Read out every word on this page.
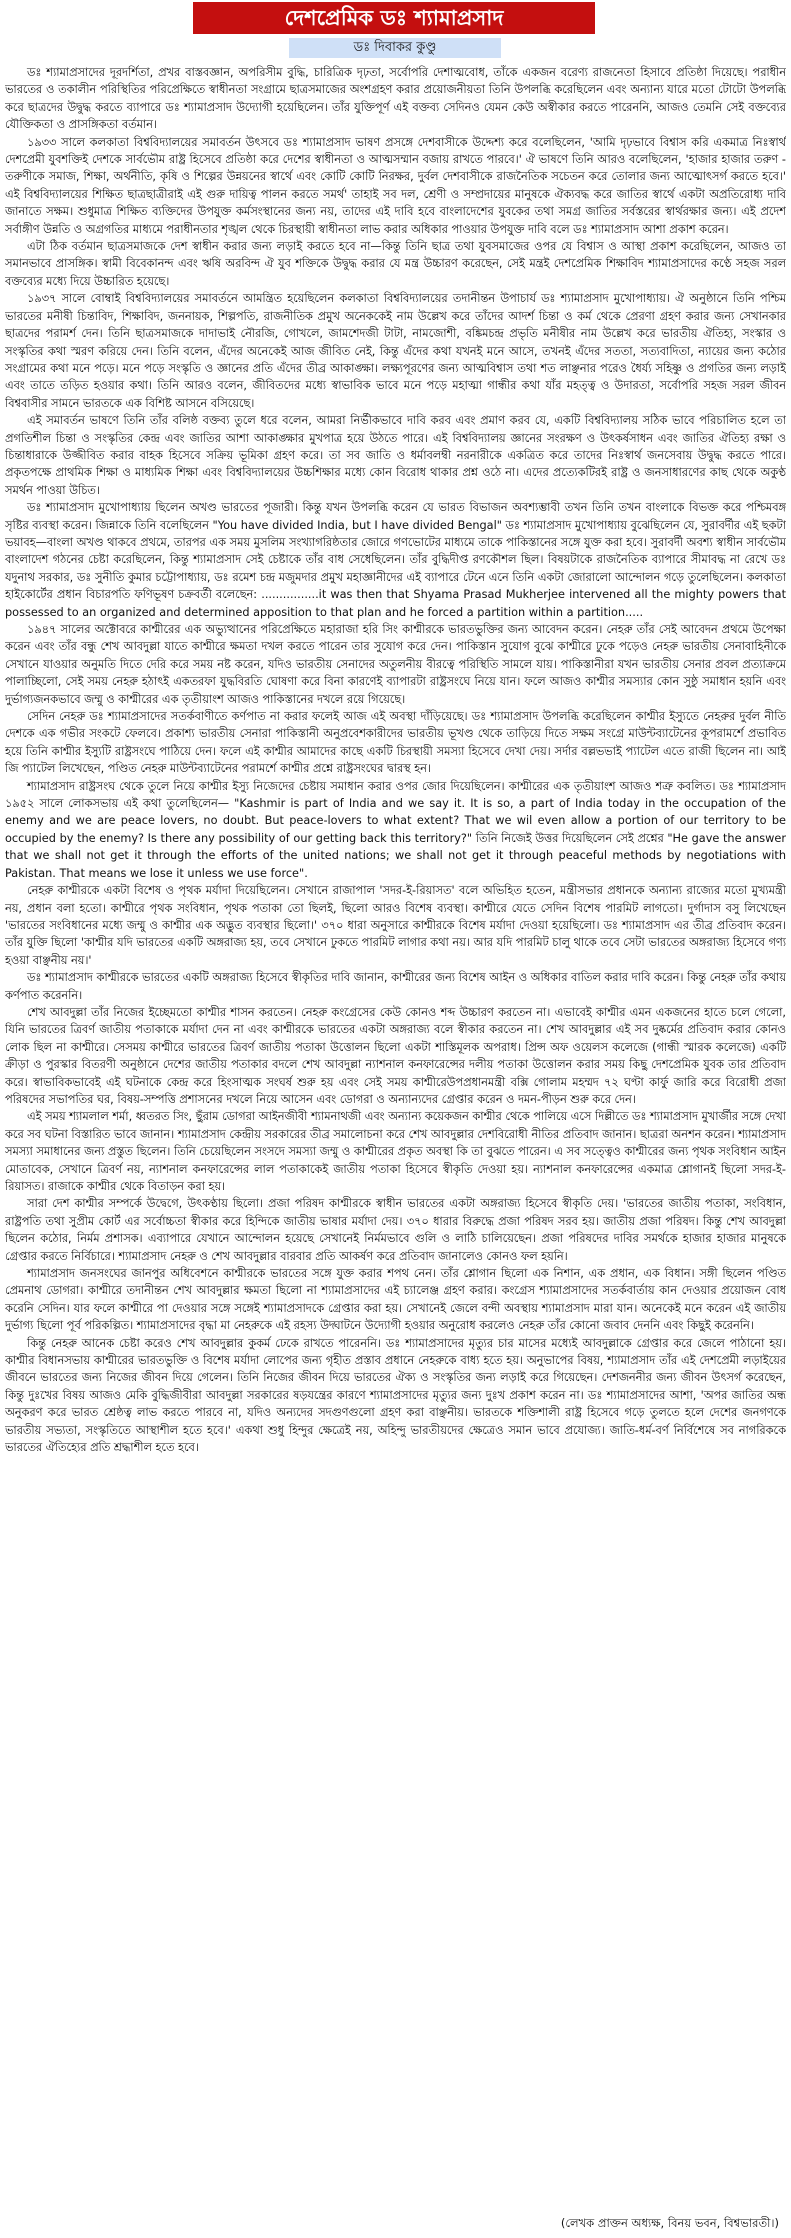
দেশপ্রেমিক ডঃ শ্যামাপ্রসাদ
ডঃ দিবাকর কুণ্ডু

ডঃ শ্যামাপ্রসাদের দূরদর্শিতা, প্রখর বাস্তবজ্ঞান, অপরিসীম বুদ্ধি, চারিত্রিক দৃঢ়তা, সর্বোপরি দেশাত্মবোধ, তাঁকে একজন বরেণ্য রাজনেতা হিসাবে প্রতিষ্ঠা দিয়েছে। পরাধীন ভারতের ও তকালীন পরিস্থিতির পরিপ্রেক্ষিতে স্বাধীনতা সংগ্রামে ছাত্রসমাজের অংশগ্রহণ করার প্রয়োজনীয়তা তিনি উপলব্ধি করেছিলেন এবং অন্যান্য যারে মতো টোটো উপলব্ধি করে ছাত্রদের উদ্বুদ্ধ করতে ব্যাপারে ডঃ শ্যামাপ্রসাদ উদ্যোগী হয়েছিলেন। তাঁর যুক্তিপূর্ণ এই বক্তব্য সেদিনও যেমন কেউ অস্বীকার করতে পারেননি, আজও তেমনি সেই বক্তব্যের যৌক্তিকতা ও প্রাসঙ্গিকতা বর্তমান।

১৯৩৩ সালে কলকাতা বিশ্ববিদ্যালয়ের সমাবর্তন উৎসবে ডঃ শ্যামাপ্রসাদ ভাষণ প্রসঙ্গে দেশবাসীকে উদ্দেশ্য করে বলেছিলেন, 'আমি দৃঢ়ভাবে বিশ্বাস করি একমাত্র নিঃস্বার্থ দেশপ্রেমী যুবশক্তিই দেশকে সার্বভৌম রাষ্ট্র হিসেবে প্রতিষ্ঠা করে দেশের স্বাধীনতা ও আত্মসম্মান বজায় রাখতে পারবে।' ঐ ভাষণে তিনি আরও বলেছিলেন, 'হাজার হাজার তরুণ - তরুণীকে সমাজ, শিক্ষা, অর্থনীতি, কৃষি ও শিল্পের উন্নয়নের স্বার্থে এবং কোটি কোটি নিরক্ষর, দুর্বল দেশবাসীকে রাজনৈতিক সচেতন করে তোলার জন্য আত্মোৎসর্গ করতে হবে।' এই বিশ্ববিদ্যালয়ের শিক্ষিত ছাত্রছাত্রীরাই এই গুরু দায়িত্ব পালন করতে সমর্থ' তাহাই সব দল, শ্রেণী ও সম্প্রদায়ের মানুষকে ঐক্যবদ্ধ করে জাতির স্বার্থে একটা অপ্রতিরোধ্য দাবি জানাতে সক্ষম। শুধুমাত্র শিক্ষিত ব্যক্তিদের উপযুক্ত কর্মসংস্থানের জন্য নয়, তাদের এই দাবি হবে বাংলাদেশের যুবকের তথা সমগ্র জাতির সর্বস্তরের স্বার্থরক্ষার জন্য। এই প্রদেশ সর্বাঙ্গীণ উন্নতি ও অগ্রগতির মাধ্যমে পরাধীনতার শৃঙ্খল থেকে চিরস্থায়ী স্বাধীনতা লাভ করার অধিকার পাওয়ার উপযুক্ত দাবি বলে ডঃ শ্যামাপ্রসাদ আশা প্রকাশ করেন।

এটা ঠিক বর্তমান ছাত্রসমাজকে দেশ স্বাধীন করার জন্য লড়াই করতে হবে না—কিন্তু তিনি ছাত্র তথা যুবসমাজের ওপর যে বিশ্বাস ও আস্থা প্রকাশ করেছিলেন, আজও তা সমানভাবে প্রাসঙ্গিক। স্বামী বিবেকানন্দ এবং ঋষি অরবিন্দ ঐ যুব শক্তিকে উদ্বুদ্ধ করার যে মন্ত্র উচ্চারণ করেছেন, সেই মন্ত্রই দেশপ্রেমিক শিক্ষাবিদ শ্যামাপ্রসাদের কণ্ঠে সহজ সরল বক্তব্যের মধ্যে দিয়ে উচ্চারিত হয়েছে।

১৯৩৭ সালে বোম্বাই বিশ্ববিদ্যালয়ের সমাবর্তনে আমন্ত্রিত হয়েছিলেন কলকাতা বিশ্ববিদ্যালয়ের তদানীন্তন উপাচার্য ডঃ শ্যামাপ্রসাদ মুখোপাধ্যায়। ঐ অনুষ্ঠানে তিনি পশ্চিম ভারতের মনীষী চিন্তাবিদ, শিক্ষাবিদ, জননায়ক, শিল্পপতি, রাজনীতিক প্রমুখ অনেককেই নাম উল্লেখ করে তাঁদের আদর্শ চিন্তা ও কর্ম থেকে প্রেরণা গ্রহণ করার জন্য সেখানকার ছাত্রদের পরামর্শ দেন। তিনি ছাত্রসমাজকে দাদাভাই নৌরজি, গোখলে, জামশেদজী টাটা, নামজোশী, বঙ্কিমচন্দ্র প্রভৃতি মনীষীর নাম উল্লেখ করে ভারতীয় ঐতিহ্য, সংস্কার ও সংস্কৃতির কথা স্মরণ করিয়ে দেন। তিনি বলেন, এঁদের অনেকেই আজ জীবিত নেই, কিন্তু এঁদের কথা যখনই মনে আসে, তখনই এঁদের সততা, সত্যবাদিতা, ন্যায়ের জন্য কঠোর সংগ্রামের কথা মনে পড়ে। মনে পড়ে সংস্কৃতি ও জ্ঞানের প্রতি এঁদের তীব্র আকাঙ্ক্ষা। লক্ষ্যপূরণের জন্য আত্মবিশ্বাস তথা শত লাঞ্ছনার পরেও ধৈর্য্য সহিষ্ণু ও প্রগতির জন্য লড়াই এবং তাতে তড়িত হওয়ার কথা। তিনি আরও বলেন, জীবিতদের মধ্যে স্বাভাবিক ভাবে মনে পড়ে মহাত্মা গান্ধীর কথা যাঁর মহত্ত্ব ও উদারতা, সর্বোপরি সহজ সরল জীবন বিশ্ববাসীর সামনে ভারতকে এক বিশিষ্ট আসনে বসিয়েছে।

এই সমাবর্তন ভাষণে তিনি তাঁর বলিষ্ঠ বক্তব্য তুলে ধরে বলেন, আমরা নির্ভীকভাবে দাবি করব এবং প্রমাণ করব যে, একটি বিশ্ববিদ্যালয় সঠিক ভাবে পরিচালিত হলে তা প্রগতিশীল চিন্তা ও সংস্কৃতির কেন্দ্র এবং জাতির আশা আকাঙ্ক্ষার মুখপাত্র হয়ে উঠতে পারে। এই বিশ্ববিদ্যালয় জ্ঞানের সংরক্ষণ ও উৎকর্ষসাধন এবং জাতির ঐতিহ্য রক্ষা ও চিন্তাধারাকে উজ্জীবিত করার বাহক হিসেবে সক্রিয় ভূমিকা গ্রহণ করে। তা সব জাতি ও ধর্মাবলম্বী নরনারীকে একত্রিত করে তাদের নিঃস্বার্থ জনসেবায় উদ্বুদ্ধ করতে পারে। প্রকৃতপক্ষে প্রাথমিক শিক্ষা ও মাধ্যমিক শিক্ষা এবং বিশ্ববিদ্যালয়ের উচ্চশিক্ষার মধ্যে কোন বিরোধ থাকার প্রশ্ন ওঠে না। এদের প্রত্যেকটিরই রাষ্ট্র ও জনসাধারণের কাছ থেকে অকুণ্ঠ সমর্থন পাওয়া উচিত।

ডঃ শ্যামাপ্রসাদ মুখোপাধ্যায় ছিলেন অখণ্ড ভারতের পূজারী। কিন্তু যখন উপলব্ধি করেন যে ভারত বিভাজন অবশ্যম্ভাবী তখন তিনি তখন বাংলাকে বিভক্ত করে পশ্চিমবঙ্গ সৃষ্টির ব্যবস্থা করেন। জিন্নাকে তিনি বলেছিলেন "You have divided India, but I have divided Bengal" ডঃ শ্যামাপ্রসাদ মুখোপাধ্যায় বুঝেছিলেন যে, সুরাবর্দীর এই ছকটা ভয়াবহ—বাংলা অখণ্ড থাকবে প্রথমে, তারপর এক সময় মুসলিম সংখ্যাগরিষ্ঠতার জোরে গণভোটের মাধ্যমে তাকে পাকিস্তানের সঙ্গে যুক্ত করা হবে। সুরাবর্দী অবশ্য স্বাধীন সার্বভৌম বাংলাদেশ গঠনের চেষ্টা করেছিলেন, কিন্তু শ্যামাপ্রসাদ সেই চেষ্টাকে তাঁর বাধ সেধেছিলেন। তাঁর বুদ্ধিদীপ্ত রণকৌশল ছিল। বিষয়টাকে রাজনৈতিক ব্যাপারে সীমাবদ্ধ না রেখে ডঃ যদুনাথ সরকার, ডঃ সুনীতি কুমার চট্টোপাধ্যায়, ডঃ রমেশ চন্দ্র মজুমদার প্রমুখ মহাজ্ঞানীদের এই ব্যাপারে টেনে এনে তিনি একটা জোরালো আন্দোলন গড়ে তুলেছিলেন। কলকাতা হাইকোর্টের প্রধান বিচারপতি ফণিভূষণ চক্রবর্তী বলেছেন: ................it was then that Shyama Prasad Mukherjee intervened all the mighty powers that possessed to an organized and determined apposition to that plan and he forced a partition within a partition.....

১৯৪৭ সালের অক্টোবরে কাশ্মীরের এক অভ্যুত্থানের পরিপ্রেক্ষিতে মহারাজা হরি সিং কাশ্মীরকে ভারতভুক্তির জন্য আবেদন করেন। নেহরু তাঁর সেই আবেদন প্রথমে উপেক্ষা করেন এবং তাঁর বন্ধু শেখ আবদুল্লা যাতে কাশ্মীরে ক্ষমতা দখল করতে পারেন তার সুযোগ করে দেন। পাকিস্তান সুযোগ বুঝে কাশ্মীরে ঢুকে পড়েও নেহরু ভারতীয় সেনাবাহিনীকে সেখানে যাওয়ার অনুমতি দিতে দেরি করে সময় নষ্ট করেন, যদিও ভারতীয় সেনাদের অতুলনীয় বীরত্বে পরিস্থিতি সামলে যায়। পাকিস্তানীরা যখন ভারতীয় সেনার প্রবল প্রত্যাক্রমে পালাচ্ছিলো, সেই সময় নেহরু হঠাৎই একতরফা যুদ্ধবিরতি ঘোষণা করে বিনা কারণেই ব্যাপারটা রাষ্ট্রসংঘে নিয়ে যান। ফলে আজও কাশ্মীর সমস্যার কোন সুষ্ঠু সমাধান হয়নি এবং দুর্ভাগ্যজনকভাবে জম্মু ও কাশ্মীরের এক তৃতীয়াংশ আজও পাকিস্তানের দখলে রয়ে গিয়েছে।

সেদিন নেহরু ডঃ শ্যামাপ্রসাদের সতর্কবাণীতে কর্ণপাত না করার ফলেই আজ এই অবস্থা দাঁড়িয়েছে। ডঃ শ্যামাপ্রসাদ উপলব্ধি করেছিলেন কাশ্মীর ইস্যুতে নেহরুর দুর্বল নীতি দেশকে এক গভীর সংকটে ফেলবে। প্রকাশ্য ভারতীয় সেনারা পাকিস্তানী অনুপ্রবেশকারীদের ভারতীয় ভূখণ্ড থেকে তাড়িয়ে দিতে সক্ষম সংগ্রে মাউন্টব্যাটেনের কূপরামর্শে প্রভাবিত হয়ে তিনি কাশ্মীর ইস্যুটি রাষ্ট্রসংঘে পাঠিয়ে দেন। ফলে এই কাশ্মীর আমাদের কাছে একটি চিরস্থায়ী সমস্যা হিসেবে দেখা দেয়। সর্দার বল্লভভাই প্যাটেল এতে রাজী ছিলেন না। আই জি প্যাটেল লিখেছেন, পণ্ডিত নেহরু মাউন্টব্যাটেনের পরামর্শে কাশ্মীর প্রশ্নে রাষ্ট্রসংঘের দ্বারস্থ হন।

শ্যামাপ্রসাদ রাষ্ট্রসংঘ থেকে তুলে নিয়ে কাশ্মীর ইস্যু নিজেদের চেষ্টায় সমাধান করার ওপর জোর দিয়েছিলেন। কাশ্মীরের এক তৃতীয়াংশ আজও শত্রু কবলিত। ডঃ শ্যামাপ্রসাদ ১৯৫২ সালে লোকসভায় এই কথা তুলেছিলেন— "Kashmir is part of India and we say it. It is so, a part of India today in the occupation of the enemy and we are peace lovers, no doubt. But peace-lovers to what extent? That we wil even allow a portion of our territory to be occupied by the enemy? Is there any possibility of our getting back this territory?" তিনি নিজেই উত্তর দিয়েছিলেন সেই প্রশ্নের "He gave the answer that we shall not get it through the efforts of the united nations; we shall not get it through peaceful methods by negotiations with Pakistan. That means we lose it unless we use force".

নেহরু কাশ্মীরকে একটা বিশেষ ও পৃথক মর্যাদা দিয়েছিলেন। সেখানে রাজাপাল 'সদর-ই-রিয়াসত' বলে অভিহিত হতেন, মন্ত্রীসভার প্রধানকে অন্যান্য রাজ্যের মতো মুখ্যমন্ত্রী নয়, প্রধান বলা হতো। কাশ্মীরে পৃথক সংবিধান, পৃথক পতাকা তো ছিলই, ছিলো আরও বিশেষ ব্যবস্থা। কাশ্মীরে যেতে সেদিন বিশেষ পারমিট লাগতো। দুর্গাদাস বসু লিখেছেন 'ভারতের সংবিধানের মধ্যে জম্মু ও কাশ্মীর এক অদ্ভুত ব্যবস্থার ছিলো।' ৩৭০ ধারা অনুসারে কাশ্মীরকে বিশেষ মর্যাদা দেওয়া হয়েছিলো। ডঃ শ্যামাপ্রসাদ এর তীব্র প্রতিবাদ করেন। তাঁর যুক্তি ছিলো 'কাশ্মীর যদি ভারতের একটি অঙ্গরাজ্য হয়, তবে সেখানে ঢুকতে পারমিট লাগার কথা নয়। আর যদি পারমিট চালু থাকে তবে সেটা ভারতের অঙ্গরাজ্য হিসেবে গণ্য হওয়া বাঞ্ছনীয় নয়।'

ডঃ শ্যামাপ্রসাদ কাশ্মীরকে ভারতের একটি অঙ্গরাজ্য হিসেবে স্বীকৃতির দাবি জানান, কাশ্মীরের জন্য বিশেষ আইন ও অধিকার বাতিল করার দাবি করেন। কিন্তু নেহরু তাঁর কথায় কর্ণপাত করেননি।

শেখ আবদুল্লা তাঁর নিজের ইচ্ছেমতো কাশ্মীর শাসন করতেন। নেহরু কংগ্রেসের কেউ কোনও শব্দ উচ্চারণ করতেন না। এভাবেই কাশ্মীর এমন একজনের হাতে চলে গেলো, যিনি ভারতের ত্রিবর্ণ জাতীয় পতাকাকে মর্যাদা দেন না এবং কাশ্মীরকে ভারতের একটা অঙ্গরাজ্য বলে স্বীকার করতেন না। শেখ আবদুল্লার এই সব দুষ্কর্মের প্রতিবাদ করার কোনও লোক ছিল না কাশ্মীরে। সেসময় কাশ্মীরে ভারতের ত্রিবর্ণ জাতীয় পতাকা উত্তোলন ছিলো একটা শাস্তিমূলক অপরাধ। প্রিন্স অফ ওয়েলস কলেজে (গান্ধী স্মারক কলেজে) একটি ক্রীড়া ও পুরস্কার বিতরণী অনুষ্ঠানে দেশের জাতীয় পতাকার বদলে শেখ আবদুল্লা ন্যাশনাল কনফারেন্সের দলীয় পতাকা উত্তোলন করার সময় কিছু দেশপ্রেমিক যুবক তার প্রতিবাদ করে। স্বাভাবিকভাবেই এই ঘটনাকে কেন্দ্র করে হিংসাত্মক সংঘর্ষ শুরু হয় এবং সেই সময় কাশ্মীরেউপপ্রধানমন্ত্রী বক্সি গোলাম মহম্মদ ৭২ ঘণ্টা কার্ফু জারি করে বিরোধী প্রজা পরিষদের সভাপতির ঘর, বিষয়-সম্পত্তি প্রশাসনের দখলে নিয়ে আসেন এবং ডোগরা ও অন্যান্যদের গ্রেপ্তার করেন ও দমন-পীড়ন শুরু করে দেন।

এই সময় শ্যামলাল শর্মা, ধ্বতরত সিং, ছুঁরাম ডোগরা আইনজীবী শ্যামনাথজী এবং অন্যান্য কয়েকজন কাশ্মীর থেকে পালিয়ে এসে দিল্লীতে ডঃ শ্যামাপ্রসাদ মুখার্জীর সঙ্গে দেখা করে সব ঘটনা বিস্তারিত ভাবে জানান। শ্যামাপ্রসাদ কেন্দ্রীয় সরকারের তীব্র সমালোচনা করে শেখ আবদুল্লার দেশবিরোধী নীতির প্রতিবাদ জানান। ছাত্ররা অনশন করেন। শ্যামাপ্রসাদ সমস্যা সমাধানের জন্য প্রস্তুত ছিলেন। তিনি চেয়েছিলেন সংসদে সমস্যা জম্মু ও কাশ্মীরের প্রকৃত অবস্থা কি তা বুঝতে পারেন। এ সব সত্ত্বেও কাশ্মীরের জন্য পৃথক সংবিধান আইন মোতাবেক, সেখানে ত্রিবর্ণ নয়, ন্যাশনাল কনফারেন্সের লাল পতাকাকেই জাতীয় পতাকা হিসেবে স্বীকৃতি দেওয়া হয়। ন্যাশনাল কনফারেন্সের একমাত্র শ্লোগানই ছিলো সদর-ই-রিয়াসত। রাজাকে কাশ্মীর থেকে বিতাড়ন করা হয়।

সারা দেশ কাশ্মীর সম্পর্কে উদ্বেগে, উৎকণ্ঠায় ছিলো। প্রজা পরিষদ কাশ্মীরকে স্বাধীন ভারতের একটা অঙ্গরাজ্য হিসেবে স্বীকৃতি দেয়। 'ভারতের জাতীয় পতাকা, সংবিধান, রাষ্ট্রপতি তথা সুপ্রীম কোর্ট এর সর্বোচ্চতা স্বীকার করে হিন্দিকে জাতীয় ভাষার মর্যাদা দেয়। ৩৭০ ধারার বিরুদ্ধে প্রজা পরিষদ সরব হয়। জাতীয় প্রজা পরিষদ। কিন্তু শেখ আবদুল্লা ছিলেন কঠোর, নির্মম প্রশাসক। এব্যাপারে যেখানে আন্দোলন হয়েছে সেখানেই নির্মমভাবে গুলি ও লাঠি চালিয়েছেন। প্রজা পরিষদের দাবির সমর্থকে হাজার হাজার মানুষকে গ্রেপ্তার করতে নির্বিচারে। শ্যামাপ্রসাদ নেহরু ও শেখ আবদুল্লার বারবার প্রতি আকর্ষণ করে প্রতিবাদ জানালেও কোনও ফল হয়নি।

শ্যামাপ্রসাদ জনসংঘের জানপুর অধিবেশনে কাশ্মীরকে ভারতের সঙ্গে যুক্ত করার শপথ নেন। তাঁর শ্লোগান ছিলো এক নিশান, এক প্রধান, এক বিধান। সঙ্গী ছিলেন পণ্ডিত প্রেমনাথ ডোগরা। কাশ্মীরে তদানীন্তন শেখ আবদুল্লার ক্ষমতা ছিলো না শ্যামাপ্রসাদের এই চ্যালেঞ্জ গ্রহণ করার। কংগ্রেস শ্যামাপ্রসাদের সতর্কবার্তায় কান দেওয়ার প্রয়োজন বোধ করেনি সেদিন। যার ফলে কাশ্মীরে পা দেওয়ার সঙ্গে সঙ্গেই শ্যামাপ্রসাদকে গ্রেপ্তার করা হয়। সেখানেই জেলে বন্দী অবস্থায় শ্যামাপ্রসাদ মারা যান। অনেকেই মনে করেন এই জাতীয় দুর্ভাগ্য ছিলো পূর্ব পরিকল্পিত। শ্যামাপ্রসাদের বৃদ্ধা মা নেহরুকে এই রহস্য উদ্ঘাটনে উদ্যোগী হওয়ার অনুরোধ করলেও নেহরু তাঁর কোনো জবাব দেননি এবং কিছুই করেননি।

কিন্তু নেহরু আনেক চেষ্টা করেও শেখ আবদুল্লার কুকর্ম ঢেকে রাখতে পারেননি। ডঃ শ্যামাপ্রসাদের মৃত্যুর চার মাসের মধ্যেই আবদুল্লাকে গ্রেপ্তার করে জেলে পাঠানো হয়। কাশ্মীর বিধানসভায় কাশ্মীরের ভারতভুক্তি ও বিশেষ মর্যাদা লোপের জন্য গৃহীত প্রস্তাব প্রধানে নেহরুকে বাধ্য হতে হয়। অনুভাপের বিষয়, শ্যামাপ্রসাদ তাঁর এই দেশপ্রেমী লড়াইয়ের জীবনে ভারতের জন্য নিজের জীবন দিয়ে গেলেন। তিনি নিজের জীবন দিয়ে ভারতের ঐক্য ও সংস্কৃতির জন্য লড়াই করে গিয়েছেন। দেশজননীর জন্য জীবন উৎসর্গ করেছেন, কিন্তু দুঃখের বিষয় আজও মেকি বুদ্ধিজীবীরা আবদুল্লা সরকারের ষড়যন্ত্রের কারণে শ্যামাপ্রসাদের মৃত্যুর জন্য দুঃখ প্রকাশ করেন না। ডঃ শ্যামাপ্রসাদের আশা, 'অপর জাতির অন্ধ অনুকরণ করে ভারত শ্রেষ্ঠত্ব লাভ করতে পারবে না, যদিও অন্যদের সদগুণগুলো গ্রহণ করা বাঞ্ছনীয়। ভারতকে শক্তিশালী রাষ্ট্র হিসেবে গড়ে তুলতে হলে দেশের জনগণকে ভারতীয় সভ্যতা, সংস্কৃতিতে আস্থাশীল হতে হবে।' একথা শুধু হিন্দুর ক্ষেত্রেই নয়, অহিন্দু ভারতীয়দের ক্ষেত্রেও সমান ভাবে প্রযোজ্য। জাতি-ধর্ম-বর্ণ নির্বিশেষে সব নাগরিককে ভারতের ঐতিহ্যের প্রতি শ্রদ্ধাশীল হতে হবে।

(লেখক প্রাক্তন অধ্যক্ষ, বিনয় ভবন, বিশ্বভারতী।)
